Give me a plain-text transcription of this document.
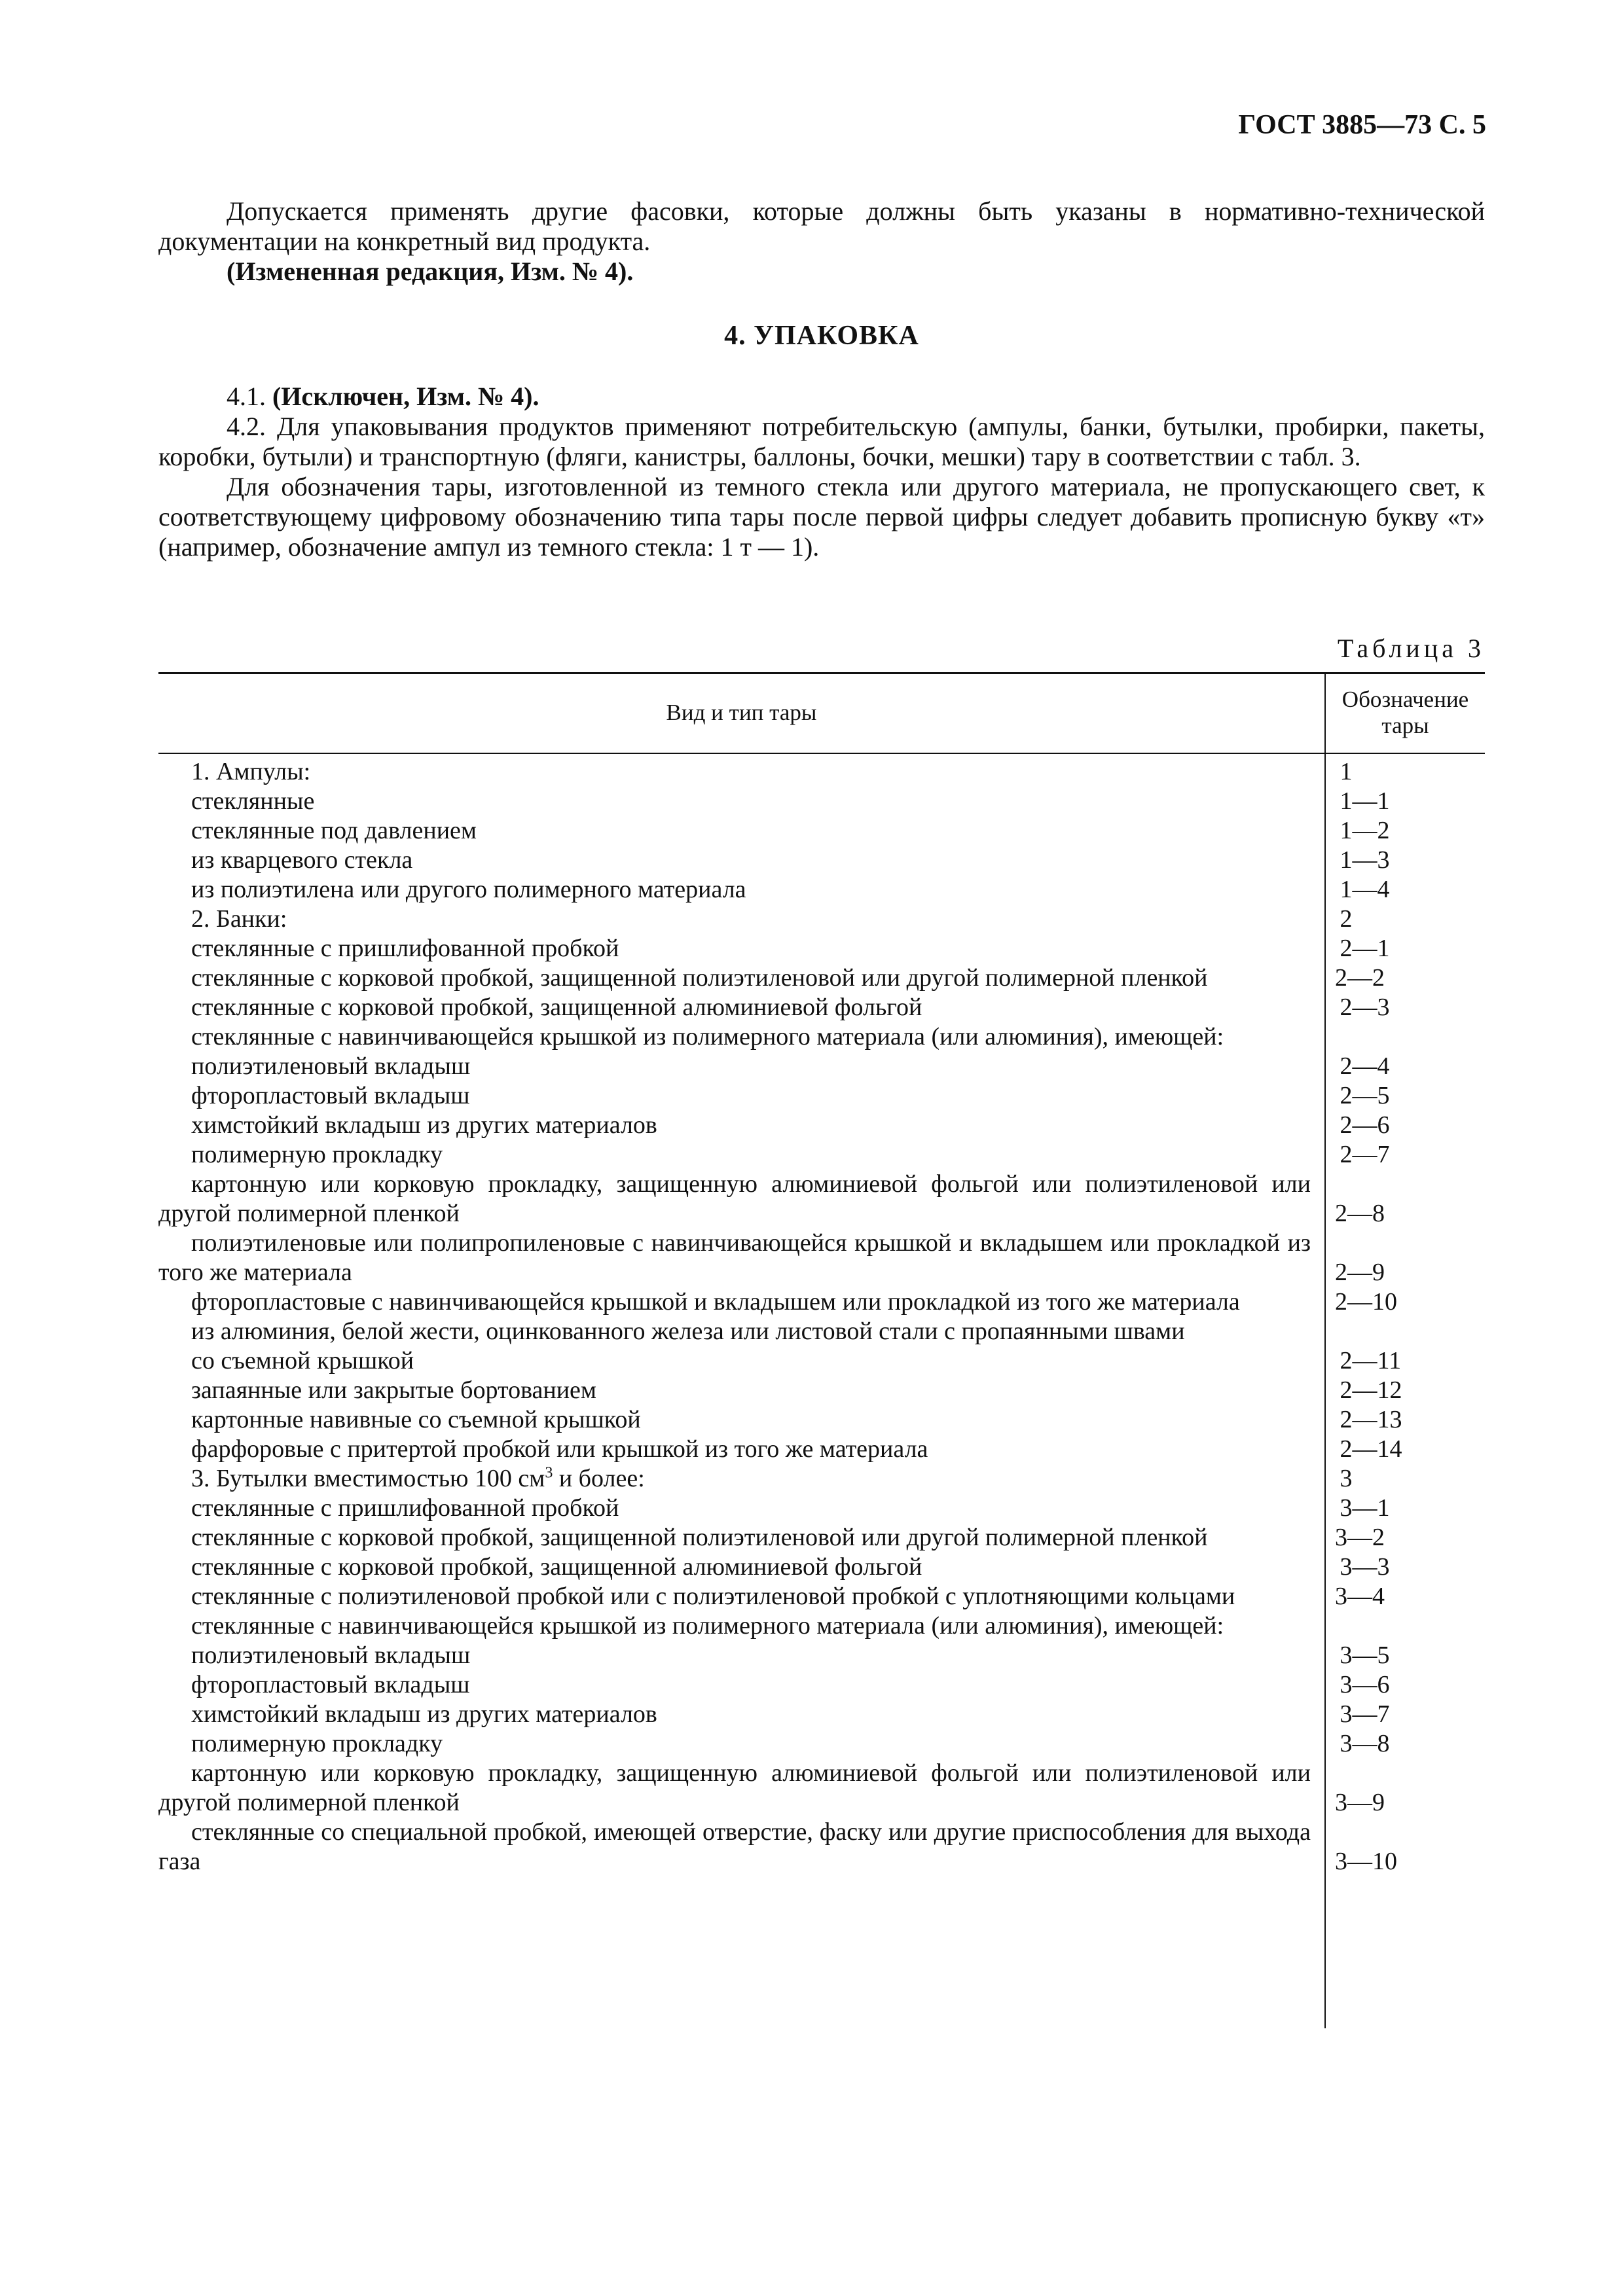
ГОСТ 3885—73 С. 5

Допускается применять другие фасовки, которые должны быть указаны в нормативно-технической документации на конкретный вид продукта.

(Измененная редакция, Изм. № 4).

4. УПАКОВКА

4.1. (Исключен, Изм. № 4).

4.2. Для упаковывания продуктов применяют потребительскую (ампулы, банки, бутылки, пробирки, пакеты, коробки, бутыли) и транспортную (фляги, канистры, баллоны, бочки, мешки) тару в соответствии с табл. 3.

Для обозначения тары, изготовленной из темного стекла или другого материала, не пропускающего свет, к соответствующему цифровому обозначению типа тары после первой цифры следует добавить прописную букву «т» (например, обозначение ампул из темного стекла: 1 т — 1).

Таблица 3
Вид и тип тары
Обозначение
тары
1. Ампулы:	1
стеклянные	1—1
стеклянные под давлением	1—2
из кварцевого стекла	1—3
из полиэтилена или другого полимерного материала	1—4
2. Банки:	2
стеклянные с пришлифованной пробкой	2—1
стеклянные с корковой пробкой, защищенной полиэтиленовой или другой полимерной пленкой	2—2
стеклянные с корковой пробкой, защищенной алюминиевой фольгой	2—3
стеклянные с навинчивающейся крышкой из полимерного материала (или алюминия), имеющей:
полиэтиленовый вкладыш	2—4
фторопластовый вкладыш	2—5
химстойкий вкладыш из других материалов	2—6
полимерную прокладку	2—7
картонную или корковую прокладку, защищенную алюминиевой фольгой или полиэтиленовой или другой полимерной пленкой	2—8
полиэтиленовые или полипропиленовые с навинчивающейся крышкой и вкладышем или прокладкой из того же материала	2—9
фторопластовые с навинчивающейся крышкой и вкладышем или прокладкой из того же материала	2—10
из алюминия, белой жести, оцинкованного железа или листовой стали с пропаянными швами
со съемной крышкой	2—11
запаянные или закрытые бортованием	2—12
картонные навивные со съемной крышкой	2—13
фарфоровые с притертой пробкой или крышкой из того же материала	2—14
3. Бутылки вместимостью 100 $см^3$ и более:	3
стеклянные с пришлифованной пробкой	3—1
стеклянные с корковой пробкой, защищенной полиэтиленовой или другой полимерной пленкой	3—2
стеклянные с корковой пробкой, защищенной алюминиевой фольгой	3—3
стеклянные с полиэтиленовой пробкой или с полиэтиленовой пробкой с уплотняющими кольцами	3—4
стеклянные с навинчивающейся крышкой из полимерного материала (или алюминия), имеющей:
полиэтиленовый вкладыш	3—5
фторопластовый вкладыш	3—6
химстойкий вкладыш из других материалов	3—7
полимерную прокладку	3—8
картонную или корковую прокладку, защищенную алюминиевой фольгой или полиэтиленовой или другой полимерной пленкой	3—9
стеклянные со специальной пробкой, имеющей отверстие, фаску или другие приспособления для выхода газа	3—10
